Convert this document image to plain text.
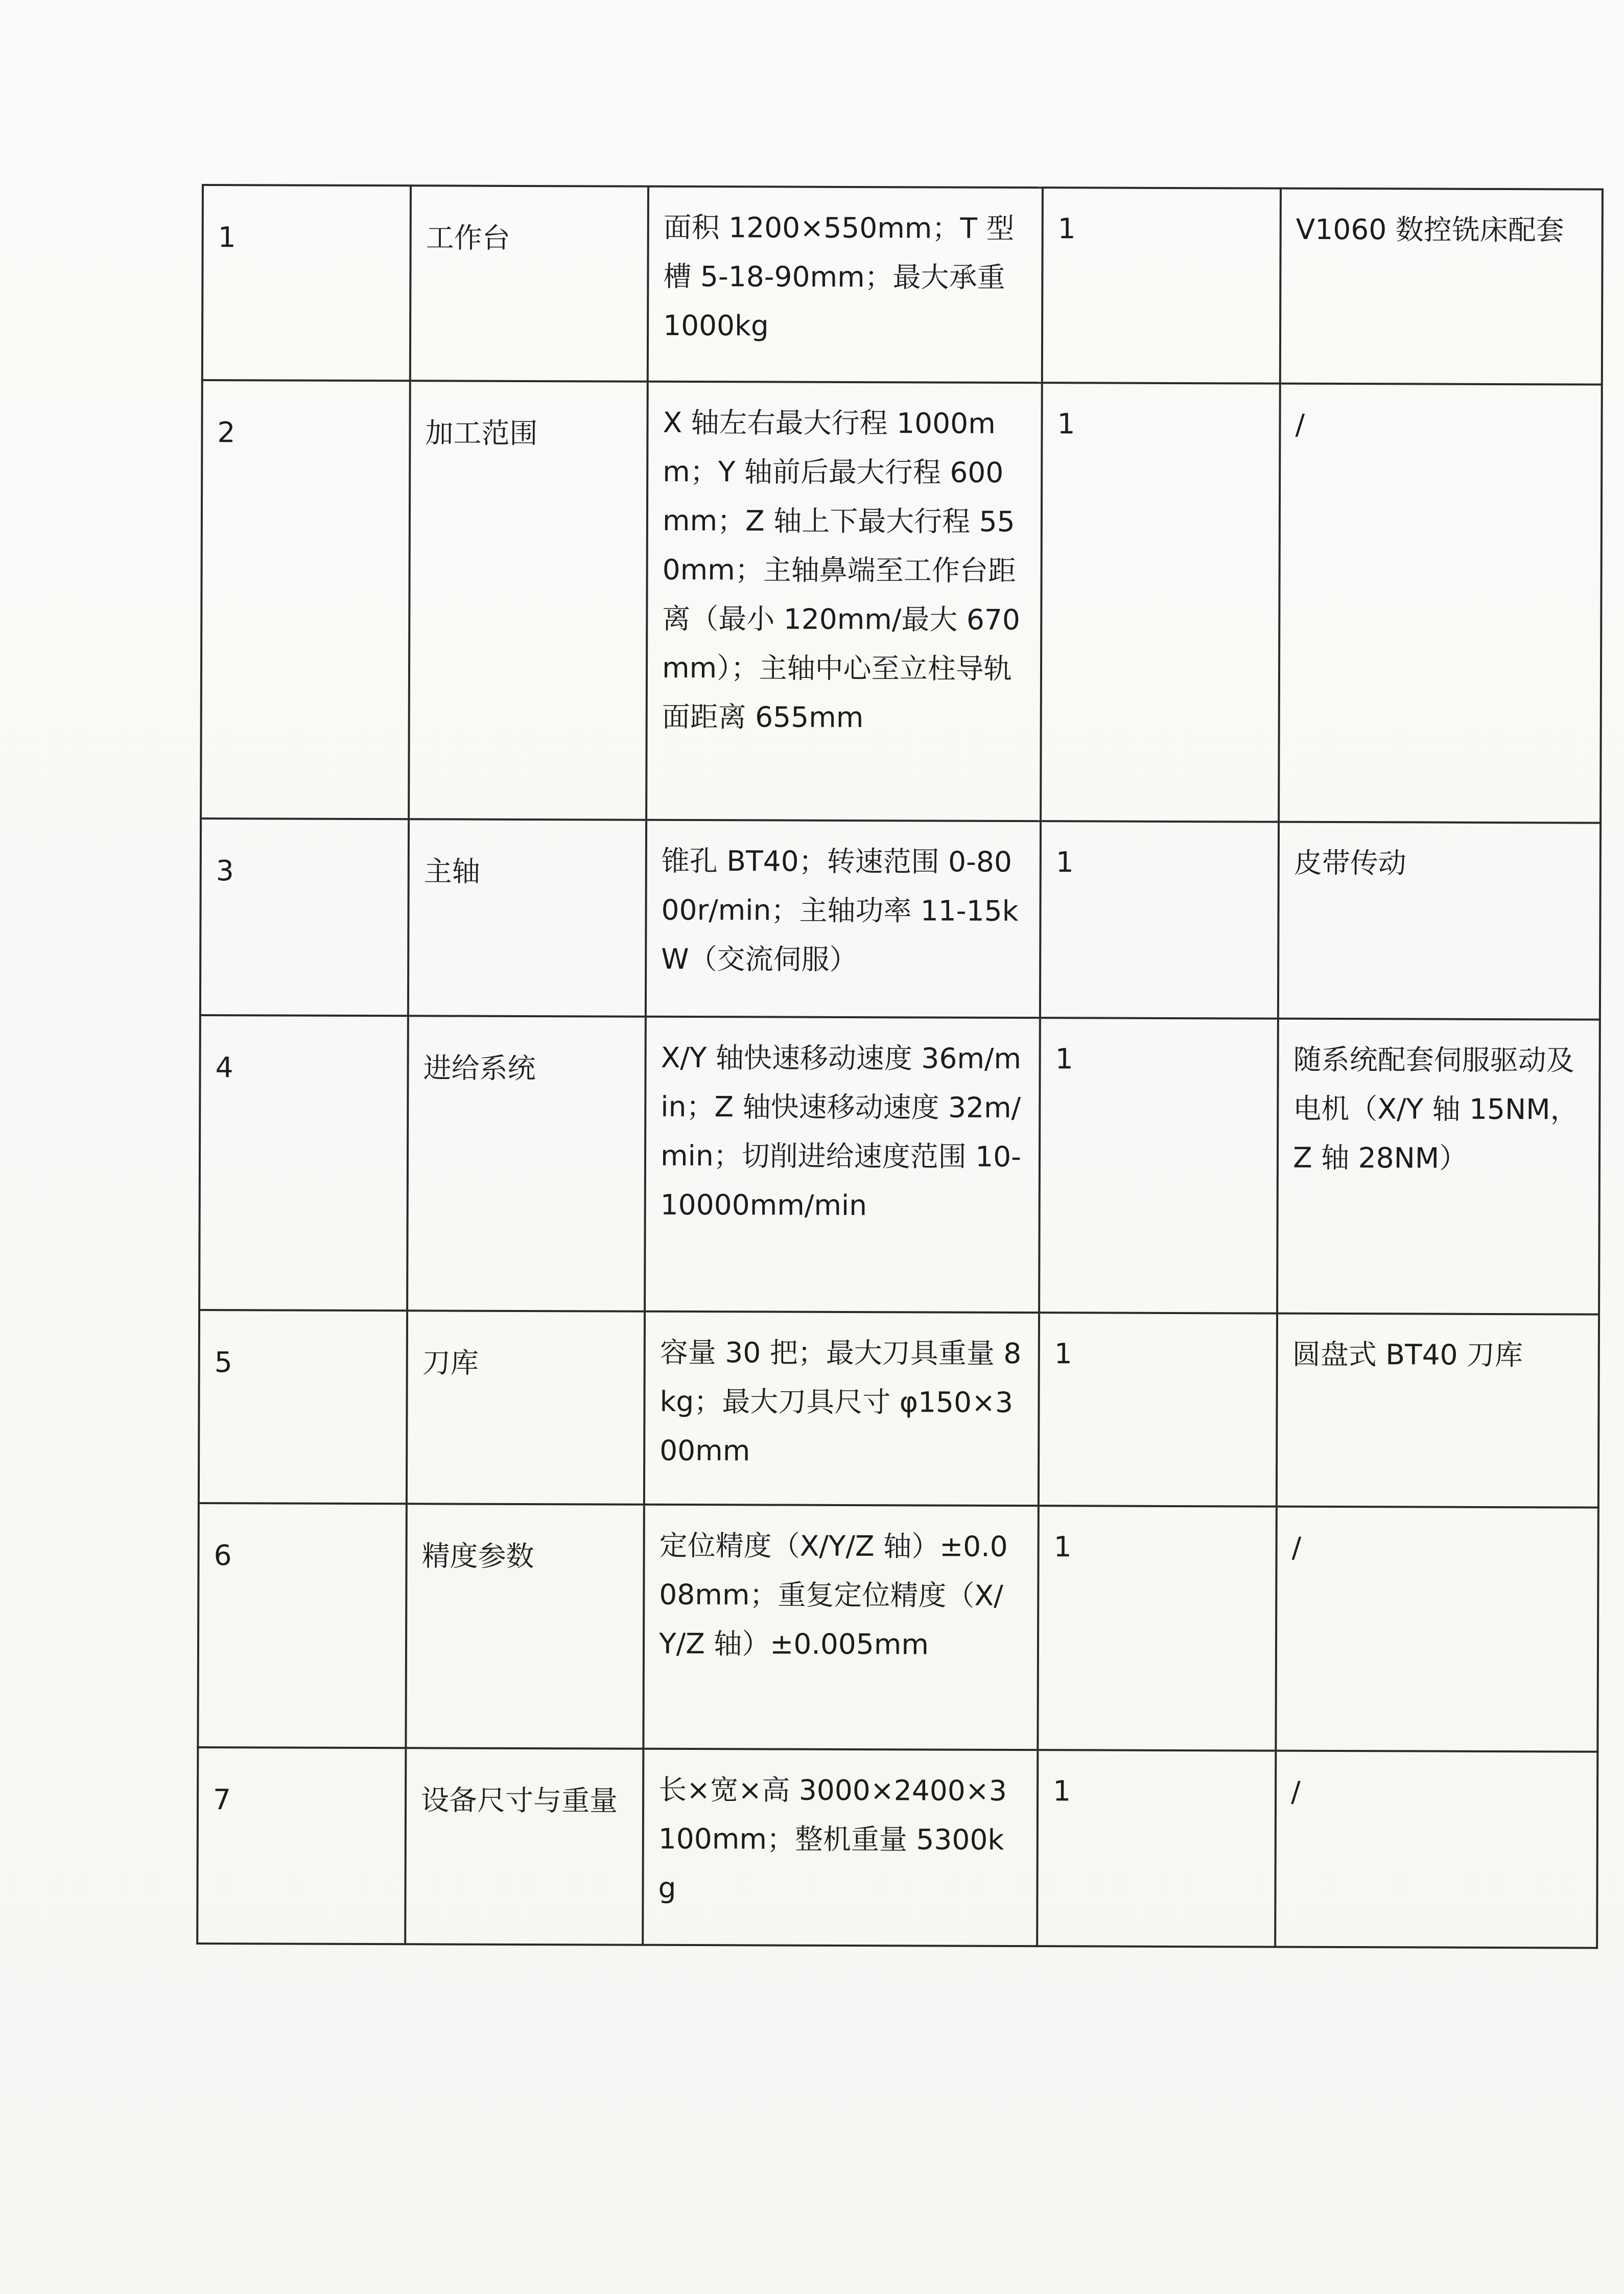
1	工作台	面积 1200×550mm；T 型槽 5-18-90mm；最大承重 1000kg	1	V1060 数控铣床配套

2	加工范围	X 轴左右最大行程 1000mm；Y 轴前后最大行程 600mm；Z 轴上下最大行程 550mm；主轴鼻端至工作台距离（最小 120mm/最大 670mm）；主轴中心至立柱导轨面距离 655mm	1	/

3	主轴	锥孔 BT40；转速范围 0-8000r/min；主轴功率 11-15kW（交流伺服）	1	皮带传动

4	进给系统	X/Y 轴快速移动速度 36m/min；Z 轴快速移动速度 32m/min；切削进给速度范围 10-10000mm/min	1	随系统配套伺服驱动及电机（X/Y 轴 15NM，Z 轴 28NM）

5	刀库	容量 30 把；最大刀具重量 8kg；最大刀具尺寸 φ150×300mm	1	圆盘式 BT40 刀库

6	精度参数	定位精度（X/Y/Z 轴）±0.008mm；重复定位精度（X/Y/Z 轴）±0.005mm	1	/

7	设备尺寸与重量	长×宽×高 3000×2400×3100mm；整机重量 5300kg	1	/
